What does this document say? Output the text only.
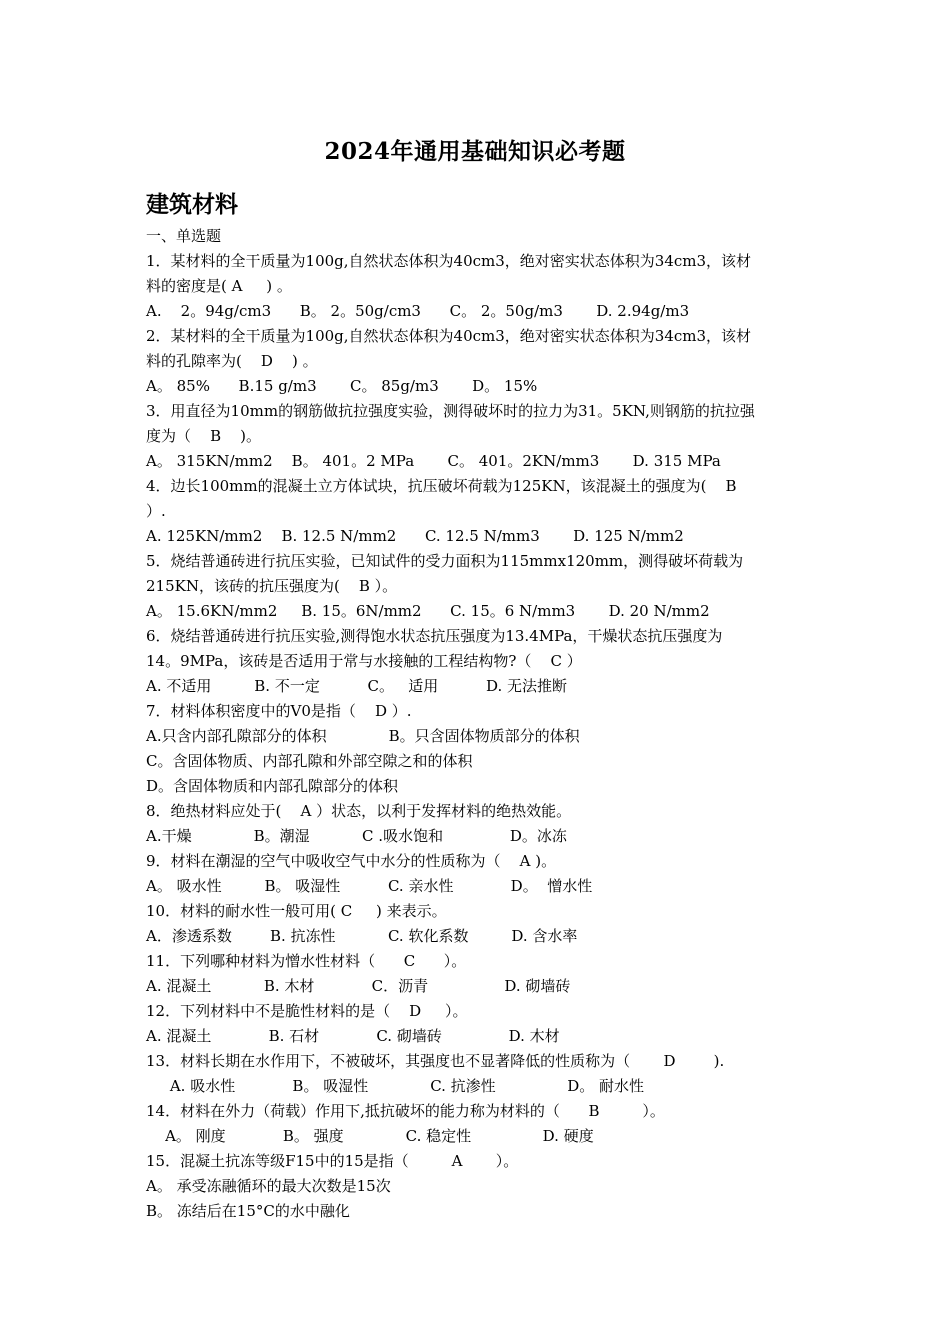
2024年通用基础知识必考题
建筑材料
一、单选题
1．某材料的全干质量为100g,自然状态体积为40cm3，绝对密实状态体积为34cm3，该材
料的密度是( A     ) 。
A.    2。94g/cm3      B。 2。50g/cm3      C。 2。50g/m3       D. 2.94g/m3
2．某材料的全干质量为100g,自然状态体积为40cm3，绝对密实状态体积为34cm3，该材
料的孔隙率为(    D    ) 。
A。 85%      B.15 g/m3       C。 85g/m3       D。 15%
3．用直径为10mm的钢筋做抗拉强度实验，测得破坏时的拉力为31。5KN,则钢筋的抗拉强
度为（    B    )。
A。 315KN/mm2    B。 401。2 MPa       C。 401。2KN/mm3       D. 315 MPa
4．边长100mm的混凝土立方体试块，抗压破坏荷载为125KN，该混凝土的强度为(    B
）.
A. 125KN/mm2    B. 12.5 N/mm2      C. 12.5 N/mm3       D. 125 N/mm2
5．烧结普通砖进行抗压实验，已知试件的受力面积为115mmx120mm，测得破坏荷载为
215KN，该砖的抗压强度为(    B ）。
A。 15.6KN/mm2     B. 15。6N/mm2      C. 15。6 N/mm3       D. 20 N/mm2
6．烧结普通砖进行抗压实验,测得饱水状态抗压强度为13.4MPa，干燥状态抗压强度为
14。9MPa，该砖是否适用于常与水接触的工程结构物?（    C ）
A. 不适用         B. 不一定          C。   适用          D. 无法推断
7．材料体积密度中的V0是指（    D ）.
A.只含内部孔隙部分的体积             B。只含固体物质部分的体积
C。含固体物质、内部孔隙和外部空隙之和的体积
D。含固体物质和内部孔隙部分的体积
8．绝热材料应处于(    A ）状态，以利于发挥材料的绝热效能。
A.干燥             B。潮湿           C .吸水饱和              D。冰冻
9．材料在潮湿的空气中吸收空气中水分的性质称为（    A )。
A。 吸水性         B。 吸湿性          C. 亲水性            D。  憎水性
10．材料的耐水性一般可用( C     ) 来表示。
A．渗透系数        B. 抗冻性           C. 软化系数         D. 含水率
11．下列哪种材料为憎水性材料（      C      ）。
A. 混凝土           B. 木材            C．沥青                D. 砌墙砖
12．下列材料中不是脆性材料的是（    D     ）。
A. 混凝土            B. 石材            C. 砌墙砖              D. 木材
13．材料长期在水作用下，不被破坏，其强度也不显著降低的性质称为（       D        ).
A. 吸水性            B。 吸湿性             C. 抗渗性               D。 耐水性
14．材料在外力（荷载）作用下,抵抗破坏的能力称为材料的（      B         ）。
A。 刚度            B。 强度             C. 稳定性               D. 硬度
15．混凝土抗冻等级F15中的15是指（         A       ）。
A。 承受冻融循环的最大次数是15次
B。 冻结后在15°C的水中融化
